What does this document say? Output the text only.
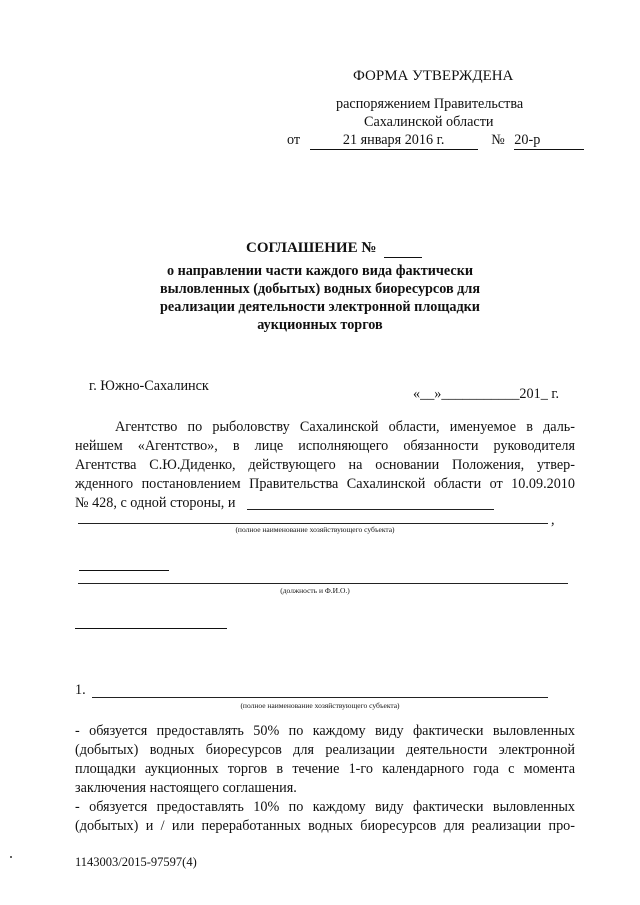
ФОРМА УТВЕРЖДЕНА
распоряжением Правительства
Сахалинской области
от	21 января 2016 г.	№ 20-р
СОГЛАШЕНИЕ №
о направлении части каждого вида фактически
выловленных (добытых) водных биоресурсов для
реализации деятельности электронной площадки
аукционных торгов
г. Южно-Сахалинск	«__»___________201_ г.
Агентство по рыболовству Сахалинской области, именуемое в даль-
нейшем «Агентство», в лице исполняющего обязанности руководителя
Агентства С.Ю.Диденко, действующего на основании Положения, утвер-
жденного постановлением Правительства Сахалинской области от 10.09.2010
№ 428, с одной стороны, и
,
(полное наименование хозяйствующего субъекта)

(должность и Ф.И.О.)

1.
(полное наименование хозяйствующего субъекта)
- обязуется предоставлять 50% по каждому виду фактически выловленных
(добытых) водных биоресурсов для реализации деятельности электронной
площадки аукционных торгов в течение 1-го календарного года с момента
заключения настоящего соглашения.
- обязуется предоставлять 10% по каждому виду фактически выловленных
(добытых) и / или переработанных водных биоресурсов для реализации про-
1143003/2015-97597(4)
